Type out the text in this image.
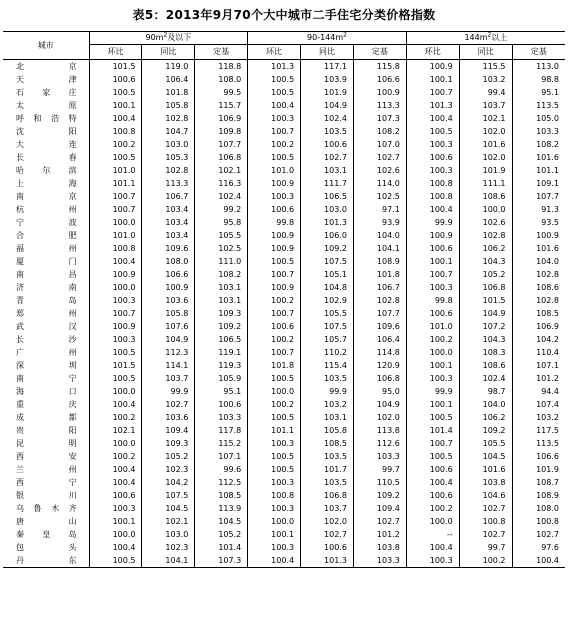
表5：2013年9月70个大中城市二手住宅分类价格指数
城市	$90m^2$及以下			$90-144m^2$			$144m^2$以上		
	环比	同比	定基	环比	同比	定基	环比	同比	定基
北　京	101.5	119.0	118.8	101.3	117.1	115.8	100.9	115.5	113.0
天　津	100.6	106.4	108.0	100.5	103.9	106.6	100.1	103.2	98.8
石家庄	100.5	101.8	99.5	100.5	101.9	100.9	100.7	99.4	95.1
太　原	100.1	105.8	115.7	100.4	104.9	113.3	101.3	103.7	113.5
呼和浩特	100.4	102.8	106.9	100.3	102.4	107.3	100.4	102.1	105.0
沈　阳	100.8	104.7	109.8	100.7	103.5	108.2	100.5	102.0	103.3
大　连	100.2	103.0	107.7	100.2	100.6	107.0	100.3	101.6	108.2
长　春	100.5	105.3	106.8	100.5	102.7	102.7	100.6	102.0	101.6
哈尔滨	101.0	102.8	102.1	101.0	103.1	102.6	100.3	101.9	101.1
上　海	101.1	113.3	116.3	100.9	111.7	114.0	100.8	111.1	109.1
南　京	100.7	106.7	102.4	100.3	106.5	102.5	100.8	108.6	107.7
杭　州	100.7	103.4	99.2	100.6	103.0	97.1	100.4	100.0	91.3
宁　波	100.0	103.4	95.8	99.8	101.3	93.9	99.9	102.6	93.5
合　肥	101.0	103.4	105.5	100.9	106.0	104.0	100.9	102.8	100.9
福　州	100.8	109.6	102.5	100.9	109.2	104.1	100.6	106.2	101.6
厦　门	100.4	108.0	111.0	100.5	107.5	108.9	100.1	104.3	104.0
南　昌	100.9	106.6	108.2	100.7	105.1	101.8	100.7	105.2	102.8
济　南	100.0	100.9	103.1	100.9	104.8	106.7	100.3	106.8	108.6
青　岛	100.3	103.6	103.1	100.2	102.9	102.8	99.8	101.5	102.8
郑　州	100.7	105.8	109.3	100.7	105.5	107.7	100.6	104.9	108.5
武　汉	100.9	107.6	109.2	100.6	107.5	109.6	101.0	107.2	106.9
长　沙	100.3	104.9	106.5	100.2	105.7	106.4	100.2	104.3	104.2
广　州	100.5	112.3	119.1	100.7	110.2	114.8	100.0	108.3	110.4
深　圳	101.5	114.1	119.3	101.8	115.4	120.9	100.1	108.6	107.1
南　宁	100.5	103.7	105.9	100.5	103.5	106.8	100.3	102.4	101.2
海　口	100.0	99.9	95.1	100.0	99.9	95.0	99.9	98.7	94.4
重　庆	100.4	102.7	100.6	100.2	103.2	104.9	100.1	104.0	107.4
成　都	100.2	103.6	103.3	100.5	103.1	102.0	100.5	106.2	103.2
贵　阳	102.1	109.4	117.8	101.1	105.8	113.8	101.4	109.2	117.5
昆　明	100.0	109.3	115.2	100.3	108.5	112.6	100.7	105.5	113.5
西　安	100.2	105.2	107.1	100.5	103.5	103.3	100.5	104.5	106.6
兰　州	100.4	102.3	99.6	100.5	101.7	99.7	100.6	101.6	101.9
西　宁	100.4	104.2	112.5	100.3	103.5	110.5	100.4	103.8	108.7
银　川	100.6	107.5	108.5	100.8	106.8	109.2	100.6	104.6	108.9
乌鲁木齐	100.3	104.5	113.9	100.3	103.7	109.4	100.2	102.7	108.0
唐　山	100.1	102.1	104.5	100.0	102.0	102.7	100.0	100.8	100.8
秦皇岛	100.0	103.0	105.2	100.1	102.7	101.2	--	102.7	102.7
包　头	100.4	102.3	101.4	100.3	100.6	103.8	100.4	99.7	97.6
丹　东	100.5	104.1	107.3	100.4	101.3	103.3	100.3	100.2	100.4
